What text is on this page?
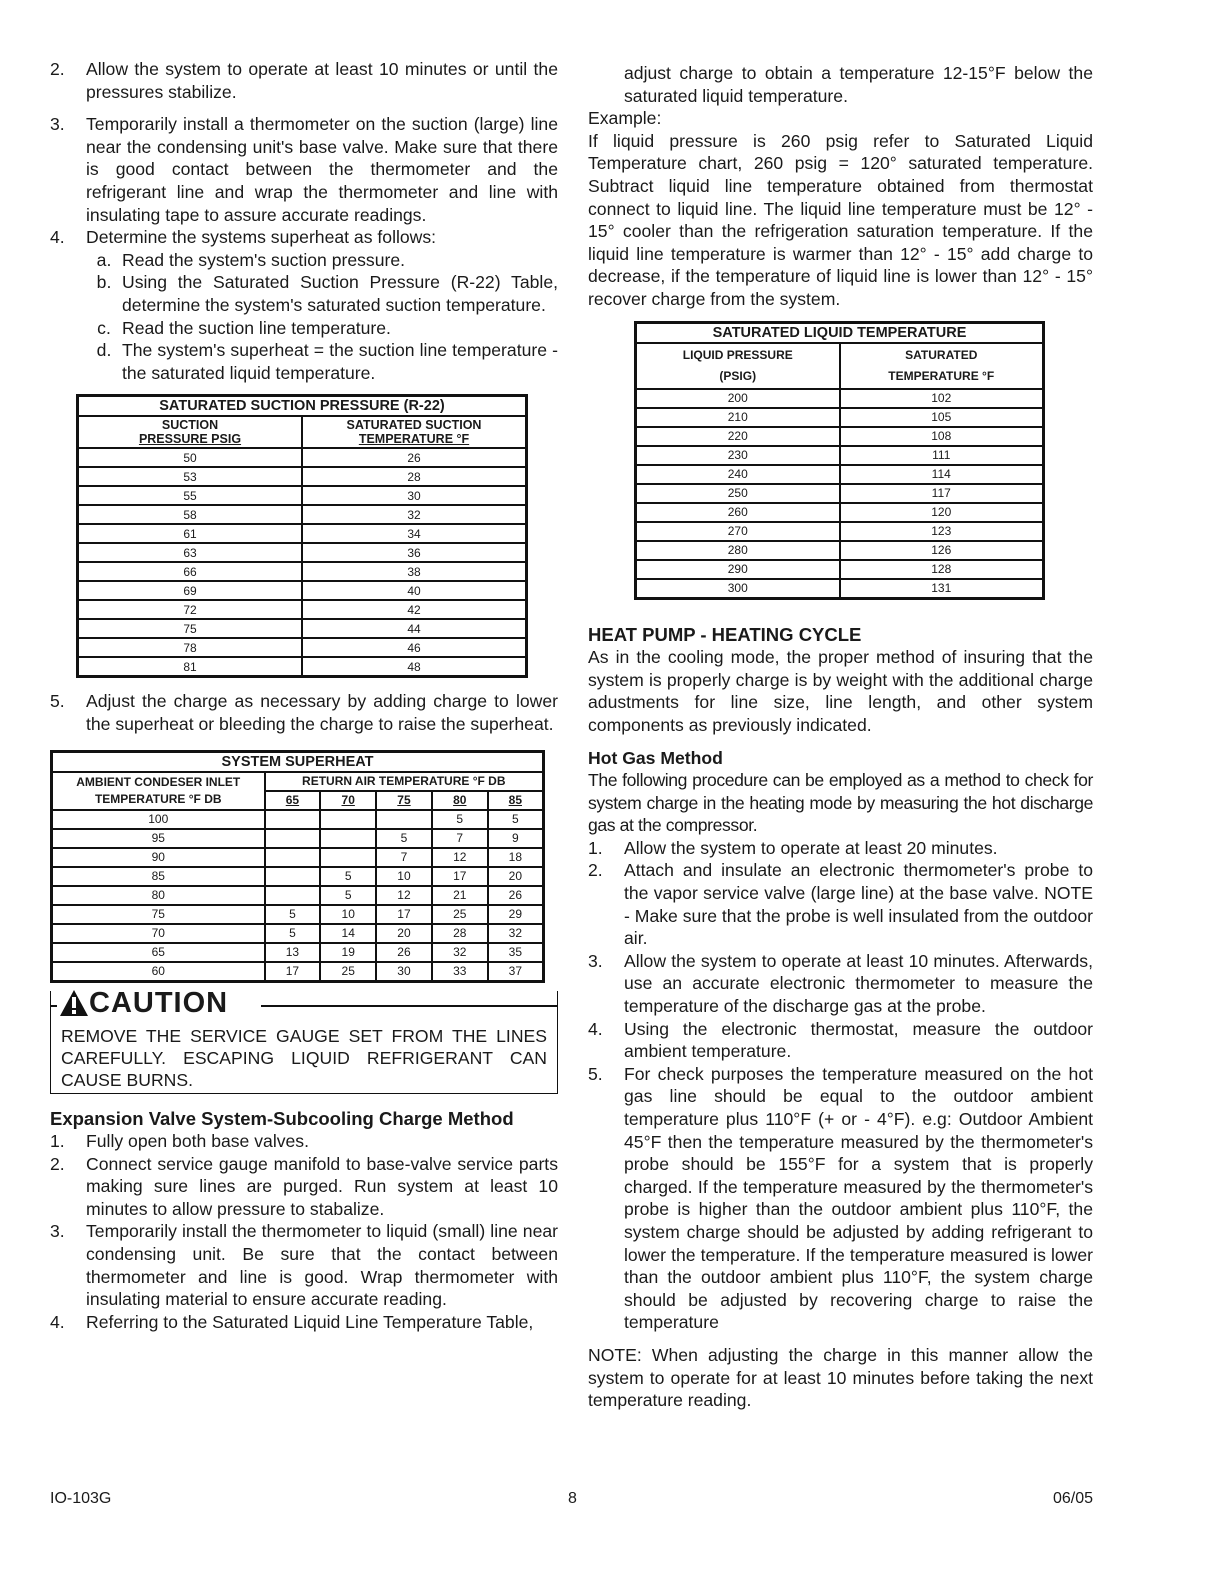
2.	Allow the system to operate at least 10 minutes or until the pressures stabilize.
3.	Temporarily install a thermometer on the suction (large) line near the condensing unit's base valve. Make sure that there is good contact between the thermometer and the refrigerant line and wrap the thermometer and line with insulating tape to assure accurate readings.
4.	Determine the systems superheat as follows:
a. Read the system's suction pressure.
b. Using the Saturated Suction Pressure (R-22) Table, determine the system's saturated suction temperature.
c. Read the suction line temperature.
d. The system's superheat = the suction line temperature - the saturated liquid temperature.
SATURATED SUCTION PRESSURE (R-22)	
SUCTION
PRESSURE PSIG	SATURATED SUCTION
TEMPERATURE °F
50	26
53	28
55	30
58	32
61	34
63	36
66	38
69	40
72	42
75	44
78	46
81	48
5.	Adjust the charge as necessary by adding charge to lower the superheat or bleeding the charge to raise the superheat.
SYSTEM SUPERHEAT					
AMBIENT CONDESER INLET
TEMPERATURE °F DB	RETURN AIR TEMPERATURE °F DB				
	65	70	75	80	85
100				5	5
95			5	7	9
90			7	12	18
85		5	10	17	20
80		5	12	21	26
75	5	10	17	25	29
70	5	14	20	28	32
65	13	19	26	32	35
60	17	25	30	33	37
CAUTION

REMOVE THE SERVICE GAUGE SET FROM THE LINES CAREFULLY. ESCAPING LIQUID REFRIGERANT CAN CAUSE BURNS.

Expansion Valve System-Subcooling Charge Method
1.	Fully open both base valves.
2.	Connect service gauge manifold to base-valve service parts making sure lines are purged. Run system at least 10 minutes to allow pressure to stabalize.
3.	Temporarily install the thermometer to liquid (small) line near condensing unit. Be sure that the contact between thermometer and line is good. Wrap thermometer with insulating material to ensure accurate reading.
4.	Referring to the Saturated Liquid Line Temperature Table,

adjust charge to obtain a temperature 12-15°F below the saturated liquid temperature.

Example:

If liquid pressure is 260 psig refer to Saturated Liquid Temperature chart, 260 psig = 120° saturated temperature. Subtract liquid line temperature obtained from thermostat connect to liquid line. The liquid line temperature must be 12° - 15° cooler than the refrigeration saturation temperature. If the liquid line temperature is warmer than 12° - 15° add charge to decrease, if the temperature of liquid line is lower than 12° - 15° recover charge from the system.

SATURATED LIQUID TEMPERATURE	
LIQUID PRESSURE
(PSIG)	SATURATED
TEMPERATURE °F
200	102
210	105
220	108
230	111
240	114
250	117
260	120
270	123
280	126
290	128
300	131
HEAT PUMP - HEATING CYCLE

As in the cooling mode, the proper method of insuring that the system is properly charge is by weight with the additional charge adustments for line size, line length, and other system components as previously indicated.

Hot Gas Method

The following procedure can be employed as a method to check for system charge in the heating mode by measuring the hot discharge gas at the compressor.

1.	Allow the system to operate at least 20 minutes.
2.	Attach and insulate an electronic thermometer's probe to the vapor service valve (large line) at the base valve. NOTE - Make sure that the probe is well insulated from the outdoor air.
3.	Allow the system to operate at least 10 minutes. Afterwards, use an accurate electronic thermometer to measure the temperature of the discharge gas at the probe.
4.	Using the electronic thermostat, measure the outdoor ambient temperature.
5.	For check purposes the temperature measured on the hot gas line should be equal to the outdoor ambient temperature plus 110°F (+ or - 4°F). e.g: Outdoor Ambient 45°F then the temperature measured by the thermometer's probe should be 155°F for a system that is properly charged. If the temperature measured by the thermometer's probe is higher than the outdoor ambient plus 110°F, the system charge should be adjusted by adding refrigerant to lower the temperature. If the temperature measured is lower than the outdoor ambient plus 110°F, the system charge should be adjusted by recovering charge to raise the temperature

NOTE: When adjusting the charge in this manner allow the system to operate for at least 10 minutes before taking the next temperature reading.

IO-103G	8	06/05
